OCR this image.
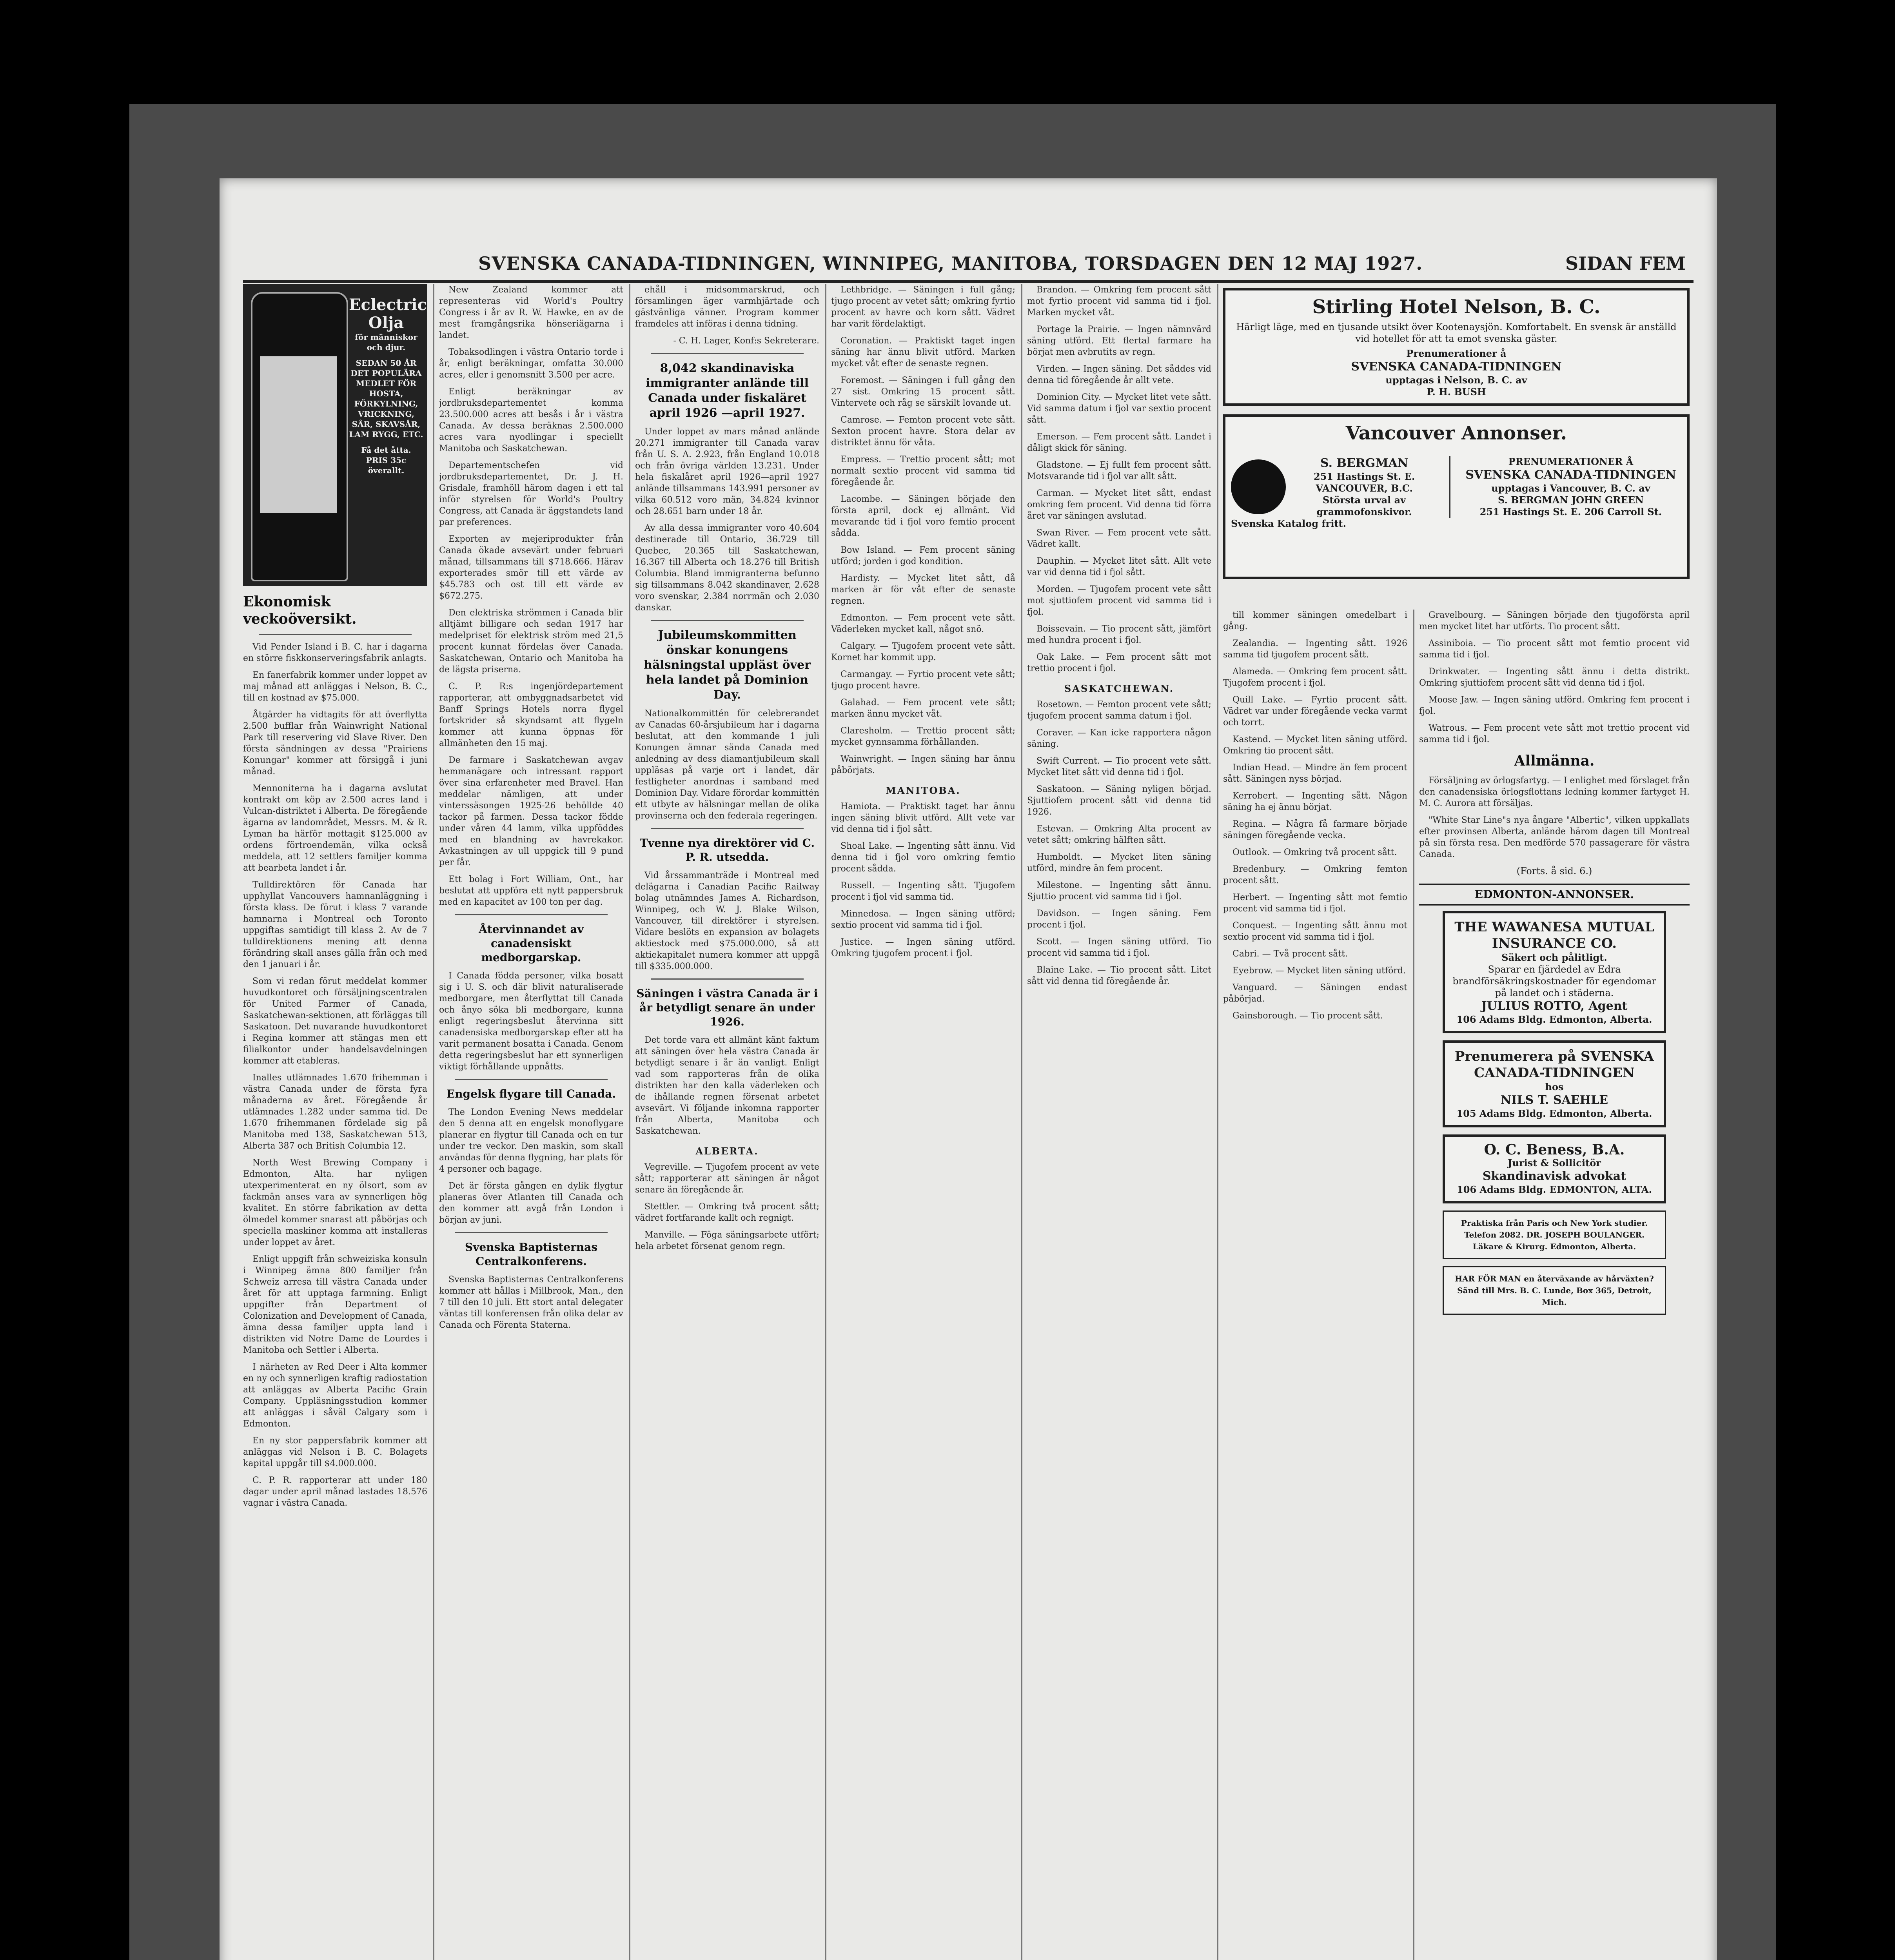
SVENSKA CANADA-TIDNINGEN, WINNIPEG, MANITOBA, TORSDAGEN DEN 12 MAJ 1927.	SIDAN FEM
Eclectric Olja
för människor och djur.
SEDAN 50 ÅR DET POPULÄRA MEDLET FÖR HOSTA, FÖRKYLNING, VRICKNING, SÅR, SKAVSÅR, LAM RYGG, ETC.
Få det åtta.
PRIS 35c överallt.
Ekonomisk veckoöversikt.

Vid Pender Island i B. C. har i dagarna en större fiskkonserveringsfabrik anlagts.

En fanerfabrik kommer under loppet av maj månad att anläggas i Nelson, B. C., till en kostnad av $75.000.

Åtgärder ha vidtagits för att överflytta 2.500 bufflar från Wainwright National Park till reservering vid Slave River. Den första sändningen av dessa "Prairiens Konungar" kommer att försiggå i juni månad.

Mennoniterna ha i dagarna avslutat kontrakt om köp av 2.500 acres land i Vulcan-distriktet i Alberta. De föregående ägarna av landområdet, Messrs. M. & R. Lyman ha härför mottagit $125.000 av ordens förtroendemän, vilka också meddela, att 12 settlers familjer komma att bearbeta landet i år.

Tulldirektören för Canada har upphyllat Vancouvers hamnanläggning i första klass. De förut i klass 7 varande hamnarna i Montreal och Toronto uppgiftas samtidigt till klass 2. Av de 7 tulldirektionens mening att denna förändring skall anses gälla från och med den 1 januari i år.

Som vi redan förut meddelat kommer huvudkontoret och försäljningscentralen för United Farmer of Canada, Saskatchewan-sektionen, att förläggas till Saskatoon. Det nuvarande huvudkontoret i Regina kommer att stängas men ett filialkontor under handelsavdelningen kommer att etableras.

Inalles utlämnades 1.670 frihemman i västra Canada under de första fyra månaderna av året. Föregående år utlämnades 1.282 under samma tid. De 1.670 frihemmanen fördelade sig på Manitoba med 138, Saskatchewan 513, Alberta 387 och British Columbia 12.

North West Brewing Company i Edmonton, Alta. har nyligen utexperimenterat en ny ölsort, som av fackmän anses vara av synnerligen hög kvalitet. En större fabrikation av detta ölmedel kommer snarast att påbörjas och speciella maskiner komma att installeras under loppet av året.

Enligt uppgift från schweiziska konsuln i Winnipeg ämna 800 familjer från Schweiz arresa till västra Canada under året för att upptaga farmning. Enligt uppgifter från Department of Colonization and Development of Canada, ämna dessa familjer uppta land i distrikten vid Notre Dame de Lourdes i Manitoba och Settler i Alberta.

I närheten av Red Deer i Alta kommer en ny och synnerligen kraftig radiostation att anläggas av Alberta Pacific Grain Company. Uppläsningsstudion kommer att anläggas i såväl Calgary som i Edmonton.

En ny stor pappersfabrik kommer att anläggas vid Nelson i B. C. Bolagets kapital uppgår till $4.000.000.

C. P. R. rapporterar att under 180 dagar under april månad lastades 18.576 vagnar i västra Canada.

New Zealand kommer att representeras vid World's Poultry Congress i år av R. W. Hawke, en av de mest framgångsrika hönseriägarna i landet.

Tobaksodlingen i västra Ontario torde i år, enligt beräkningar, omfatta 30.000 acres, eller i genomsnitt 3.500 per acre.

Enligt beräkningar av jordbruksdepartementet komma 23.500.000 acres att besås i år i västra Canada. Av dessa beräknas 2.500.000 acres vara nyodlingar i speciellt Manitoba och Saskatchewan.

Departementschefen vid jordbruksdepartementet, Dr. J. H. Grisdale, framhöll härom dagen i ett tal inför styrelsen för World's Poultry Congress, att Canada är äggstandets land par preferences.

Exporten av mejeriprodukter från Canada ökade avsevärt under februari månad, tillsammans till $718.666. Härav exporterades smör till ett värde av $45.783 och ost till ett värde av $672.275.

Den elektriska strömmen i Canada blir alltjämt billigare och sedan 1917 har medelpriset för elektrisk ström med 21,5 procent kunnat fördelas över Canada. Saskatchewan, Ontario och Manitoba ha de lägsta priserna.

C. P. R:s ingenjördepartement rapporterar, att ombyggnadsarbetet vid Banff Springs Hotels norra flygel fortskrider så skyndsamt att flygeln kommer att kunna öppnas för allmänheten den 15 maj.

De farmare i Saskatchewan avgav hemmanägare och intressant rapport över sina erfarenheter med Bravel. Han meddelar nämligen, att under vinterssäsongen 1925-26 behöllde 40 tackor på farmen. Dessa tackor födde under våren 44 lamm, vilka uppföddes med en blandning av havrekakor. Avkastningen av ull uppgick till 9 pund per får.

Ett bolag i Fort William, Ont., har beslutat att uppföra ett nytt pappersbruk med en kapacitet av 100 ton per dag.

Återvinnandet av canadensiskt medborgarskap.

I Canada födda personer, vilka bosatt sig i U. S. och där blivit naturaliserade medborgare, men återflyttat till Canada och ånyo söka bli medborgare, kunna enligt regeringsbeslut återvinna sitt canadensiska medborgarskap efter att ha varit permanent bosatta i Canada. Genom detta regeringsbeslut har ett synnerligen viktigt förhållande uppnåtts.

Engelsk flygare till Canada.

The London Evening News meddelar den 5 denna att en engelsk monoflygare planerar en flygtur till Canada och en tur under tre veckor. Den maskin, som skall användas för denna flygning, har plats för 4 personer och bagage.

Det är första gången en dylik flygtur planeras över Atlanten till Canada och den kommer att avgå från London i början av juni.

Svenska Baptisternas Centralkonferens.

Svenska Baptisternas Centralkonferens kommer att hållas i Millbrook, Man., den 7 till den 10 juli. Ett stort antal delegater väntas till konferensen från olika delar av Canada och Förenta Staterna.

ehåll i midsommarskrud, och församlingen äger varmhjärtade och gästvänliga vänner. Program kommer framdeles att införas i denna tidning.

- C. H. Lager, Konf:s Sekreterare.

8,042 skandinaviska immigranter anlände till Canada under fiskaläret april 1926 —april 1927.

Under loppet av mars månad anlände 20.271 immigranter till Canada varav från U. S. A. 2.923, från England 10.018 och från övriga världen 13.231. Under hela fiskalåret april 1926—april 1927 anlände tillsammans 143.991 personer av vilka 60.512 voro män, 34.824 kvinnor och 28.651 barn under 18 år.

Av alla dessa immigranter voro 40.604 destinerade till Ontario, 36.729 till Quebec, 20.365 till Saskatchewan, 16.367 till Alberta och 18.276 till British Columbia. Bland immigranterna befunno sig tillsammans 8.042 skandinaver, 2.628 voro svenskar, 2.384 norrmän och 2.030 danskar.

Jubileumskommitten önskar konungens hälsningstal uppläst över hela landet på Dominion Day.

Nationalkommittén för celebrerandet av Canadas 60-årsjubileum har i dagarna beslutat, att den kommande 1 juli Konungen ämnar sända Canada med anledning av dess diamantjubileum skall uppläsas på varje ort i landet, där festligheter anordnas i samband med Dominion Day. Vidare förordar kommittén ett utbyte av hälsningar mellan de olika provinserna och den federala regeringen.

Tvenne nya direktörer vid C. P. R. utsedda.

Vid årssammanträde i Montreal med delägarna i Canadian Pacific Railway bolag utnämndes James A. Richardson, Winnipeg, och W. J. Blake Wilson, Vancouver, till direktörer i styrelsen. Vidare beslöts en expansion av bolagets aktiestock med $75.000.000, så att aktiekapitalet numera kommer att uppgå till $335.000.000.

Säningen i västra Canada är i år betydligt senare än under 1926.

Det torde vara ett allmänt känt faktum att säningen över hela västra Canada är betydligt senare i år än vanligt. Enligt vad som rapporteras från de olika distrikten har den kalla väderleken och de ihållande regnen försenat arbetet avsevärt. Vi följande inkomna rapporter från Alberta, Manitoba och Saskatchewan.

ALBERTA.

Vegreville. — Tjugofem procent av vete sått; rapporterar att säningen är något senare än föregående år.

Stettler. — Omkring två procent sått; vädret fortfarande kallt och regnigt.

Manville. — Föga säningsarbete utfört; hela arbetet försenat genom regn.

Lethbridge. — Säningen i full gång; tjugo procent av vetet sått; omkring fyrtio procent av havre och korn sått. Vädret har varit fördelaktigt.

Coronation. — Praktiskt taget ingen säning har ännu blivit utförd. Marken mycket våt efter de senaste regnen.

Foremost. — Säningen i full gång den 27 sist. Omkring 15 procent sått. Vintervete och råg se särskilt lovande ut.

Camrose. — Femton procent vete sått. Sexton procent havre. Stora delar av distriktet ännu för våta.

Empress. — Trettio procent sått; mot normalt sextio procent vid samma tid föregående år.

Lacombe. — Säningen började den första april, dock ej allmänt. Vid mevarande tid i fjol voro femtio procent sådda.

Bow Island. — Fem procent säning utförd; jorden i god kondition.

Hardisty. — Mycket litet sått, då marken är för våt efter de senaste regnen.

Edmonton. — Fem procent vete sått. Väderleken mycket kall, något snö.

Calgary. — Tjugofem procent vete sått. Kornet har kommit upp.

Carmangay. — Fyrtio procent vete sått; tjugo procent havre.

Galahad. — Fem procent vete sått; marken ännu mycket våt.

Claresholm. — Trettio procent sått; mycket gynnsamma förhållanden.

Wainwright. — Ingen säning har ännu påbörjats.

MANITOBA.

Hamiota. — Praktiskt taget har ännu ingen säning blivit utförd. Allt vete var vid denna tid i fjol sått.

Shoal Lake. — Ingenting sått ännu. Vid denna tid i fjol voro omkring femtio procent sådda.

Russell. — Ingenting sått. Tjugofem procent i fjol vid samma tid.

Minnedosa. — Ingen säning utförd; sextio procent vid samma tid i fjol.

Justice. — Ingen säning utförd. Omkring tjugofem procent i fjol.

Brandon. — Omkring fem procent sått mot fyrtio procent vid samma tid i fjol. Marken mycket våt.

Portage la Prairie. — Ingen nämnvärd säning utförd. Ett flertal farmare ha börjat men avbrutits av regn.

Virden. — Ingen säning. Det såddes vid denna tid föregående år allt vete.

Dominion City. — Mycket litet vete sått. Vid samma datum i fjol var sextio procent sått.

Emerson. — Fem procent sått. Landet i dåligt skick för säning.

Gladstone. — Ej fullt fem procent sått. Motsvarande tid i fjol var allt sått.

Carman. — Mycket litet sått, endast omkring fem procent. Vid denna tid förra året var säningen avslutad.

Swan River. — Fem procent vete sått. Vädret kallt.

Dauphin. — Mycket litet sått. Allt vete var vid denna tid i fjol sått.

Morden. — Tjugofem procent vete sått mot sjuttiofem procent vid samma tid i fjol.

Boissevain. — Tio procent sått, jämfört med hundra procent i fjol.

Oak Lake. — Fem procent sått mot trettio procent i fjol.

SASKATCHEWAN.

Rosetown. — Femton procent vete sått; tjugofem procent samma datum i fjol.

Coraver. — Kan icke rapportera någon säning.

Swift Current. — Tio procent vete sått. Mycket litet sått vid denna tid i fjol.

Saskatoon. — Säning nyligen börjad. Sjuttiofem procent sått vid denna tid 1926.

Estevan. — Omkring Alta procent av vetet sått; omkring hälften sått.

Humboldt. — Mycket liten säning utförd, mindre än fem procent.

Milestone. — Ingenting sått ännu. Sjuttio procent vid samma tid i fjol.

Davidson. — Ingen säning. Fem procent i fjol.

Scott. — Ingen säning utförd. Tio procent vid samma tid i fjol.

Blaine Lake. — Tio procent sått. Litet sått vid denna tid föregående år.

Stirling Hotel Nelson, B. C.
Härligt läge, med en tjusande utsikt över Kootenaysjön. Komfortabelt. En svensk är anställd vid hotellet för att ta emot svenska gäster.
Prenumerationer å
SVENSKA CANADA-TIDNINGEN
upptagas i Nelson, B. C. av
P. H. BUSH
Vancouver Annonser.

S. BERGMAN
251 Hastings St. E. VANCOUVER, B.C.
Största urval av grammofonskivor.
Svenska Katalog fritt.
PRENUMERATIONER Å
SVENSKA CANADA-TIDNINGEN
upptagas i Vancouver, B. C. av
S. BERGMAN JOHN GREEN
251 Hastings St. E. 206 Carroll St.

till kommer säningen omedelbart i gång.

Zealandia. — Ingenting sått. 1926 samma tid tjugofem procent sått.

Alameda. — Omkring fem procent sått. Tjugofem procent i fjol.

Quill Lake. — Fyrtio procent sått. Vädret var under föregående vecka varmt och torrt.

Kastend. — Mycket liten säning utförd. Omkring tio procent sått.

Indian Head. — Mindre än fem procent sått. Säningen nyss börjad.

Kerrobert. — Ingenting sått. Någon säning ha ej ännu börjat.

Regina. — Några få farmare började säningen föregående vecka.

Outlook. — Omkring två procent sått.

Bredenbury. — Omkring femton procent sått.

Herbert. — Ingenting sått mot femtio procent vid samma tid i fjol.

Conquest. — Ingenting sått ännu mot sextio procent vid samma tid i fjol.

Cabri. — Två procent sått.

Eyebrow. — Mycket liten säning utförd.

Vanguard. — Säningen endast påbörjad.

Gainsborough. — Tio procent sått.

Gravelbourg. — Säningen började den tjugoförsta april men mycket litet har utförts. Tio procent sått.

Assiniboia. — Tio procent sått mot femtio procent vid samma tid i fjol.

Drinkwater. — Ingenting sått ännu i detta distrikt. Omkring sjuttiofem procent sått vid denna tid i fjol.

Moose Jaw. — Ingen säning utförd. Omkring fem procent i fjol.

Watrous. — Fem procent vete sått mot trettio procent vid samma tid i fjol.

Allmänna.

Försäljning av örlogsfartyg. — I enlighet med förslaget från den canadensiska örlogsflottans ledning kommer fartyget H. M. C. Aurora att försäljas.

"White Star Line"s nya ångare "Albertic", vilken uppkallats efter provinsen Alberta, anlände härom dagen till Montreal på sin första resa. Den medförde 570 passagerare för västra Canada.

(Forts. å sid. 6.)
EDMONTON-ANNONSER.
THE WAWANESA MUTUAL INSURANCE CO.
Säkert och pålitligt.
Sparar en fjärdedel av Edra brandförsäkringskostnader för egendomar på landet och i städerna.
JULIUS ROTTO, Agent
106 Adams Bldg. Edmonton, Alberta.
Prenumerera på SVENSKA CANADA-TIDNINGEN
hos
NILS T. SAEHLE
105 Adams Bldg. Edmonton, Alberta.
O. C. Beness, B.A.
Jurist & Sollicitör
Skandinavisk advokat
106 Adams Bldg. EDMONTON, ALTA.
Praktiska från Paris och New York studier. Telefon 2082. DR. JOSEPH BOULANGER. Läkare & Kirurg. Edmonton, Alberta.
HAR FÖR MAN en återväxande av hårväxten? Sänd till Mrs. B. C. Lunde, Box 365, Detroit, Mich.
